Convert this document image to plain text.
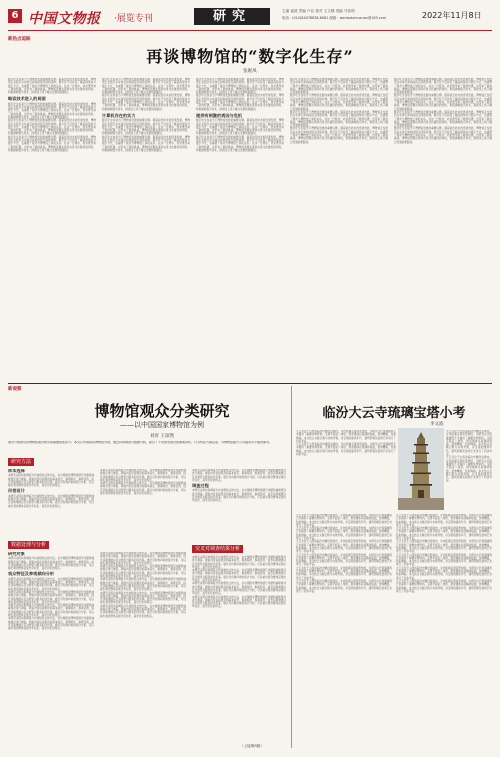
6 中国文物报 ·展览专刊	研究	主编 崔波 责编 卢弘 校对 王文娜 美编 马佳琪
电话：(010)84078838-6081 邮箱：wenbotxmuzuan@163.com	2022年11月8日
新热点追踪
再谈博物馆的“数字化生存”
张妮凤
数字化生存是当下博物馆发展的重要议题。随着信息技术的迅速发展，博物馆正在经历从实体空间向虚拟空间的延伸。数字化不仅改变了藏品的保存与展示方式，也重塑了观众与博物馆之间的关系。在这一过程中，技术既带来了新的机遇，也带来了新的挑战。博物馆需要在保持自身文化属性的同时，积极拥抱数字技术，探索线上线下融合发展的新路径。
略谈技术进入的局面
数字化生存是当下博物馆发展的重要议题。随着信息技术的迅速发展，博物馆正在经历从实体空间向虚拟空间的延伸。数字化不仅改变了藏品的保存与展示方式，也重塑了观众与博物馆之间的关系。在这一过程中，技术既带来了新的机遇，也带来了新的挑战。博物馆需要在保持自身文化属性的同时，积极拥抱数字技术，探索线上线下融合发展的新路径。
数字化生存是当下博物馆发展的重要议题。随着信息技术的迅速发展，博物馆正在经历从实体空间向虚拟空间的延伸。数字化不仅改变了藏品的保存与展示方式，也重塑了观众与博物馆之间的关系。在这一过程中，技术既带来了新的机遇，也带来了新的挑战。博物馆需要在保持自身文化属性的同时，积极拥抱数字技术，探索线上线下融合发展的新路径。
数字化生存是当下博物馆发展的重要议题。随着信息技术的迅速发展，博物馆正在经历从实体空间向虚拟空间的延伸。数字化不仅改变了藏品的保存与展示方式，也重塑了观众与博物馆之间的关系。在这一过程中，技术既带来了新的机遇，也带来了新的挑战。博物馆需要在保持自身文化属性的同时，积极拥抱数字技术，探索线上线下融合发展的新路径。
数字化生存是当下博物馆发展的重要议题。随着信息技术的迅速发展，博物馆正在经历从实体空间向虚拟空间的延伸。数字化不仅改变了藏品的保存与展示方式，也重塑了观众与博物馆之间的关系。在这一过程中，技术既带来了新的机遇，也带来了新的挑战。博物馆需要在保持自身文化属性的同时，积极拥抱数字技术，探索线上线下融合发展的新路径。
数字化生存是当下博物馆发展的重要议题。随着信息技术的迅速发展，博物馆正在经历从实体空间向虚拟空间的延伸。数字化不仅改变了藏品的保存与展示方式，也重塑了观众与博物馆之间的关系。在这一过程中，技术既带来了新的机遇，也带来了新的挑战。博物馆需要在保持自身文化属性的同时，积极拥抱数字技术，探索线上线下融合发展的新路径。
计算机存在的实力
数字化生存是当下博物馆发展的重要议题。随着信息技术的迅速发展，博物馆正在经历从实体空间向虚拟空间的延伸。数字化不仅改变了藏品的保存与展示方式，也重塑了观众与博物馆之间的关系。在这一过程中，技术既带来了新的机遇，也带来了新的挑战。博物馆需要在保持自身文化属性的同时，积极拥抱数字技术，探索线上线下融合发展的新路径。
数字化生存是当下博物馆发展的重要议题。随着信息技术的迅速发展，博物馆正在经历从实体空间向虚拟空间的延伸。数字化不仅改变了藏品的保存与展示方式，也重塑了观众与博物馆之间的关系。在这一过程中，技术既带来了新的机遇，也带来了新的挑战。博物馆需要在保持自身文化属性的同时，积极拥抱数字技术，探索线上线下融合发展的新路径。
数字化生存是当下博物馆发展的重要议题。随着信息技术的迅速发展，博物馆正在经历从实体空间向虚拟空间的延伸。数字化不仅改变了藏品的保存与展示方式，也重塑了观众与博物馆之间的关系。在这一过程中，技术既带来了新的机遇，也带来了新的挑战。博物馆需要在保持自身文化属性的同时，积极拥抱数字技术，探索线上线下融合发展的新路径。
数字化生存是当下博物馆发展的重要议题。随着信息技术的迅速发展，博物馆正在经历从实体空间向虚拟空间的延伸。数字化不仅改变了藏品的保存与展示方式，也重塑了观众与博物馆之间的关系。在这一过程中，技术既带来了新的机遇，也带来了新的挑战。博物馆需要在保持自身文化属性的同时，积极拥抱数字技术，探索线上线下融合发展的新路径。
提供有刺激的诱因与危机
数字化生存是当下博物馆发展的重要议题。随着信息技术的迅速发展，博物馆正在经历从实体空间向虚拟空间的延伸。数字化不仅改变了藏品的保存与展示方式，也重塑了观众与博物馆之间的关系。在这一过程中，技术既带来了新的机遇，也带来了新的挑战。博物馆需要在保持自身文化属性的同时，积极拥抱数字技术，探索线上线下融合发展的新路径。
数字化生存是当下博物馆发展的重要议题。随着信息技术的迅速发展，博物馆正在经历从实体空间向虚拟空间的延伸。数字化不仅改变了藏品的保存与展示方式，也重塑了观众与博物馆之间的关系。在这一过程中，技术既带来了新的机遇，也带来了新的挑战。博物馆需要在保持自身文化属性的同时，积极拥抱数字技术，探索线上线下融合发展的新路径。
数字化生存是当下博物馆发展的重要议题。随着信息技术的迅速发展，博物馆正在经历从实体空间向虚拟空间的延伸。数字化不仅改变了藏品的保存与展示方式，也重塑了观众与博物馆之间的关系。在这一过程中，技术既带来了新的机遇，也带来了新的挑战。博物馆需要在保持自身文化属性的同时，积极拥抱数字技术，探索线上线下融合发展的新路径。
数字化生存是当下博物馆发展的重要议题。随着信息技术的迅速发展，博物馆正在经历从实体空间向虚拟空间的延伸。数字化不仅改变了藏品的保存与展示方式，也重塑了观众与博物馆之间的关系。在这一过程中，技术既带来了新的机遇，也带来了新的挑战。博物馆需要在保持自身文化属性的同时，积极拥抱数字技术，探索线上线下融合发展的新路径。
数字化生存是当下博物馆发展的重要议题。随着信息技术的迅速发展，博物馆正在经历从实体空间向虚拟空间的延伸。数字化不仅改变了藏品的保存与展示方式，也重塑了观众与博物馆之间的关系。在这一过程中，技术既带来了新的机遇，也带来了新的挑战。博物馆需要在保持自身文化属性的同时，积极拥抱数字技术，探索线上线下融合发展的新路径。
数字化生存是当下博物馆发展的重要议题。随着信息技术的迅速发展，博物馆正在经历从实体空间向虚拟空间的延伸。数字化不仅改变了藏品的保存与展示方式，也重塑了观众与博物馆之间的关系。在这一过程中，技术既带来了新的机遇，也带来了新的挑战。博物馆需要在保持自身文化属性的同时，积极拥抱数字技术，探索线上线下融合发展的新路径。
数字化生存是当下博物馆发展的重要议题。随着信息技术的迅速发展，博物馆正在经历从实体空间向虚拟空间的延伸。数字化不仅改变了藏品的保存与展示方式，也重塑了观众与博物馆之间的关系。在这一过程中，技术既带来了新的机遇，也带来了新的挑战。博物馆需要在保持自身文化属性的同时，积极拥抱数字技术，探索线上线下融合发展的新路径。
数字化生存是当下博物馆发展的重要议题。随着信息技术的迅速发展，博物馆正在经历从实体空间向虚拟空间的延伸。数字化不仅改变了藏品的保存与展示方式，也重塑了观众与博物馆之间的关系。在这一过程中，技术既带来了新的机遇，也带来了新的挑战。博物馆需要在保持自身文化属性的同时，积极拥抱数字技术，探索线上线下融合发展的新路径。
数字化生存是当下博物馆发展的重要议题。随着信息技术的迅速发展，博物馆正在经历从实体空间向虚拟空间的延伸。数字化不仅改变了藏品的保存与展示方式，也重塑了观众与博物馆之间的关系。在这一过程中，技术既带来了新的机遇，也带来了新的挑战。博物馆需要在保持自身文化属性的同时，积极拥抱数字技术，探索线上线下融合发展的新路径。
数字化生存是当下博物馆发展的重要议题。随着信息技术的迅速发展，博物馆正在经历从实体空间向虚拟空间的延伸。数字化不仅改变了藏品的保存与展示方式，也重塑了观众与博物馆之间的关系。在这一过程中，技术既带来了新的机遇，也带来了新的挑战。博物馆需要在保持自身文化属性的同时，积极拥抱数字技术，探索线上线下融合发展的新路径。
新观察
博物馆观众分类研究
——以中国国家博物馆为例
刘青 王琼然
观众分类研究是博物馆观众研究的重要组成部分。本文以中国国家博物馆为例，通过问卷调查与数据分析，探讨了不同类型观众的参观动机、行为特征与满意度，为博物馆提升公共服务水平提供参考。
研究方法
样本选择
本研究采用问卷调查与访谈相结合的方法，在中国国家博物馆展厅内随机抽取观众进行调查。调查内容包括观众的基本信息、参观频次、参观目的、信息获取渠道以及对展览与服务的评价等。通过对有效问卷的统计分析，可以看出观众群体呈现出年轻化、高学历化的特点。
问卷设计
本研究采用问卷调查与访谈相结合的方法，在中国国家博物馆展厅内随机抽取观众进行调查。调查内容包括观众的基本信息、参观频次、参观目的、信息获取渠道以及对展览与服务的评价等。通过对有效问卷的统计分析，可以看出观众群体呈现出年轻化、高学历化的特点。
本研究采用问卷调查与访谈相结合的方法，在中国国家博物馆展厅内随机抽取观众进行调查。调查内容包括观众的基本信息、参观频次、参观目的、信息获取渠道以及对展览与服务的评价等。通过对有效问卷的统计分析，可以看出观众群体呈现出年轻化、高学历化的特点。
本研究采用问卷调查与访谈相结合的方法，在中国国家博物馆展厅内随机抽取观众进行调查。调查内容包括观众的基本信息、参观频次、参观目的、信息获取渠道以及对展览与服务的评价等。通过对有效问卷的统计分析，可以看出观众群体呈现出年轻化、高学历化的特点。
本研究采用问卷调查与访谈相结合的方法，在中国国家博物馆展厅内随机抽取观众进行调查。调查内容包括观众的基本信息、参观频次、参观目的、信息获取渠道以及对展览与服务的评价等。通过对有效问卷的统计分析，可以看出观众群体呈现出年轻化、高学历化的特点。
调查过程
本研究采用问卷调查与访谈相结合的方法，在中国国家博物馆展厅内随机抽取观众进行调查。调查内容包括观众的基本信息、参观频次、参观目的、信息获取渠道以及对展览与服务的评价等。通过对有效问卷的统计分析，可以看出观众群体呈现出年轻化、高学历化的特点。
数据处理与分析
研究对象
本研究采用问卷调查与访谈相结合的方法，在中国国家博物馆展厅内随机抽取观众进行调查。调查内容包括观众的基本信息、参观频次、参观目的、信息获取渠道以及对展览与服务的评价等。通过对有效问卷的统计分析，可以看出观众群体呈现出年轻化、高学历化的特点。
观众特征及参观倾向分析
本研究采用问卷调查与访谈相结合的方法，在中国国家博物馆展厅内随机抽取观众进行调查。调查内容包括观众的基本信息、参观频次、参观目的、信息获取渠道以及对展览与服务的评价等。通过对有效问卷的统计分析，可以看出观众群体呈现出年轻化、高学历化的特点。
本研究采用问卷调查与访谈相结合的方法，在中国国家博物馆展厅内随机抽取观众进行调查。调查内容包括观众的基本信息、参观频次、参观目的、信息获取渠道以及对展览与服务的评价等。通过对有效问卷的统计分析，可以看出观众群体呈现出年轻化、高学历化的特点。
本研究采用问卷调查与访谈相结合的方法，在中国国家博物馆展厅内随机抽取观众进行调查。调查内容包括观众的基本信息、参观频次、参观目的、信息获取渠道以及对展览与服务的评价等。通过对有效问卷的统计分析，可以看出观众群体呈现出年轻化、高学历化的特点。
本研究采用问卷调查与访谈相结合的方法，在中国国家博物馆展厅内随机抽取观众进行调查。调查内容包括观众的基本信息、参观频次、参观目的、信息获取渠道以及对展览与服务的评价等。通过对有效问卷的统计分析，可以看出观众群体呈现出年轻化、高学历化的特点。
本研究采用问卷调查与访谈相结合的方法，在中国国家博物馆展厅内随机抽取观众进行调查。调查内容包括观众的基本信息、参观频次、参观目的、信息获取渠道以及对展览与服务的评价等。通过对有效问卷的统计分析，可以看出观众群体呈现出年轻化、高学历化的特点。
本研究采用问卷调查与访谈相结合的方法，在中国国家博物馆展厅内随机抽取观众进行调查。调查内容包括观众的基本信息、参观频次、参观目的、信息获取渠道以及对展览与服务的评价等。通过对有效问卷的统计分析，可以看出观众群体呈现出年轻化、高学历化的特点。
本研究采用问卷调查与访谈相结合的方法，在中国国家博物馆展厅内随机抽取观众进行调查。调查内容包括观众的基本信息、参观频次、参观目的、信息获取渠道以及对展览与服务的评价等。通过对有效问卷的统计分析，可以看出观众群体呈现出年轻化、高学历化的特点。
本研究采用问卷调查与访谈相结合的方法，在中国国家博物馆展厅内随机抽取观众进行调查。调查内容包括观众的基本信息、参观频次、参观目的、信息获取渠道以及对展览与服务的评价等。通过对有效问卷的统计分析，可以看出观众群体呈现出年轻化、高学历化的特点。
本研究采用问卷调查与访谈相结合的方法，在中国国家博物馆展厅内随机抽取观众进行调查。调查内容包括观众的基本信息、参观频次、参观目的、信息获取渠道以及对展览与服务的评价等。通过对有效问卷的统计分析，可以看出观众群体呈现出年轻化、高学历化的特点。
交叉对调查结果分析
本研究采用问卷调查与访谈相结合的方法，在中国国家博物馆展厅内随机抽取观众进行调查。调查内容包括观众的基本信息、参观频次、参观目的、信息获取渠道以及对展览与服务的评价等。通过对有效问卷的统计分析，可以看出观众群体呈现出年轻化、高学历化的特点。
本研究采用问卷调查与访谈相结合的方法，在中国国家博物馆展厅内随机抽取观众进行调查。调查内容包括观众的基本信息、参观频次、参观目的、信息获取渠道以及对展览与服务的评价等。通过对有效问卷的统计分析，可以看出观众群体呈现出年轻化、高学历化的特点。
本研究采用问卷调查与访谈相结合的方法，在中国国家博物馆展厅内随机抽取观众进行调查。调查内容包括观众的基本信息、参观频次、参观目的、信息获取渠道以及对展览与服务的评价等。通过对有效问卷的统计分析，可以看出观众群体呈现出年轻化、高学历化的特点。
本研究采用问卷调查与访谈相结合的方法，在中国国家博物馆展厅内随机抽取观众进行调查。调查内容包括观众的基本信息、参观频次、参观目的、信息获取渠道以及对展览与服务的评价等。通过对有效问卷的统计分析，可以看出观众群体呈现出年轻化、高学历化的特点。
（上接第8版）
临汾大云寺琉璃宝塔小考
李文波
大云寺位于山西省临汾市襄汾县境内，寺内琉璃宝塔造型独特，为研究古代琉璃建筑艺术提供了重要实物资料。宝塔平面呈八角形，塔身通体以琉璃砖贴面，装饰精美，色彩绚丽。本文结合文献记载与实地考察，对宝塔的建造年代、建筑形制及装饰艺术进行了初步考证。
大云寺位于山西省临汾市襄汾县境内，寺内琉璃宝塔造型独特，为研究古代琉璃建筑艺术提供了重要实物资料。宝塔平面呈八角形，塔身通体以琉璃砖贴面，装饰精美，色彩绚丽。本文结合文献记载与实地考察，对宝塔的建造年代、建筑形制及装饰艺术进行了初步考证。
大云寺位于山西省临汾市襄汾县境内，寺内琉璃宝塔造型独特，为研究古代琉璃建筑艺术提供了重要实物资料。宝塔平面呈八角形，塔身通体以琉璃砖贴面，装饰精美，色彩绚丽。本文结合文献记载与实地考察，对宝塔的建造年代、建筑形制及装饰艺术进行了初步考证。
大云寺位于山西省临汾市襄汾县境内，寺内琉璃宝塔造型独特，为研究古代琉璃建筑艺术提供了重要实物资料。宝塔平面呈八角形，塔身通体以琉璃砖贴面，装饰精美，色彩绚丽。本文结合文献记载与实地考察，对宝塔的建造年代、建筑形制及装饰艺术进行了初步考证。
大云寺位于山西省临汾市襄汾县境内，寺内琉璃宝塔造型独特，为研究古代琉璃建筑艺术提供了重要实物资料。宝塔平面呈八角形，塔身通体以琉璃砖贴面，装饰精美，色彩绚丽。本文结合文献记载与实地考察，对宝塔的建造年代、建筑形制及装饰艺术进行了初步考证。
大云寺位于山西省临汾市襄汾县境内，寺内琉璃宝塔造型独特，为研究古代琉璃建筑艺术提供了重要实物资料。宝塔平面呈八角形，塔身通体以琉璃砖贴面，装饰精美，色彩绚丽。本文结合文献记载与实地考察，对宝塔的建造年代、建筑形制及装饰艺术进行了初步考证。
大云寺位于山西省临汾市襄汾县境内，寺内琉璃宝塔造型独特，为研究古代琉璃建筑艺术提供了重要实物资料。宝塔平面呈八角形，塔身通体以琉璃砖贴面，装饰精美，色彩绚丽。本文结合文献记载与实地考察，对宝塔的建造年代、建筑形制及装饰艺术进行了初步考证。
大云寺位于山西省临汾市襄汾县境内，寺内琉璃宝塔造型独特，为研究古代琉璃建筑艺术提供了重要实物资料。宝塔平面呈八角形，塔身通体以琉璃砖贴面，装饰精美，色彩绚丽。本文结合文献记载与实地考察，对宝塔的建造年代、建筑形制及装饰艺术进行了初步考证。
大云寺位于山西省临汾市襄汾县境内，寺内琉璃宝塔造型独特，为研究古代琉璃建筑艺术提供了重要实物资料。宝塔平面呈八角形，塔身通体以琉璃砖贴面，装饰精美，色彩绚丽。本文结合文献记载与实地考察，对宝塔的建造年代、建筑形制及装饰艺术进行了初步考证。
大云寺位于山西省临汾市襄汾县境内，寺内琉璃宝塔造型独特，为研究古代琉璃建筑艺术提供了重要实物资料。宝塔平面呈八角形，塔身通体以琉璃砖贴面，装饰精美，色彩绚丽。本文结合文献记载与实地考察，对宝塔的建造年代、建筑形制及装饰艺术进行了初步考证。
大云寺位于山西省临汾市襄汾县境内，寺内琉璃宝塔造型独特，为研究古代琉璃建筑艺术提供了重要实物资料。宝塔平面呈八角形，塔身通体以琉璃砖贴面，装饰精美，色彩绚丽。本文结合文献记载与实地考察，对宝塔的建造年代、建筑形制及装饰艺术进行了初步考证。
大云寺位于山西省临汾市襄汾县境内，寺内琉璃宝塔造型独特，为研究古代琉璃建筑艺术提供了重要实物资料。宝塔平面呈八角形，塔身通体以琉璃砖贴面，装饰精美，色彩绚丽。本文结合文献记载与实地考察，对宝塔的建造年代、建筑形制及装饰艺术进行了初步考证。
大云寺位于山西省临汾市襄汾县境内，寺内琉璃宝塔造型独特，为研究古代琉璃建筑艺术提供了重要实物资料。宝塔平面呈八角形，塔身通体以琉璃砖贴面，装饰精美，色彩绚丽。本文结合文献记载与实地考察，对宝塔的建造年代、建筑形制及装饰艺术进行了初步考证。
大云寺位于山西省临汾市襄汾县境内，寺内琉璃宝塔造型独特，为研究古代琉璃建筑艺术提供了重要实物资料。宝塔平面呈八角形，塔身通体以琉璃砖贴面，装饰精美，色彩绚丽。本文结合文献记载与实地考察，对宝塔的建造年代、建筑形制及装饰艺术进行了初步考证。
大云寺位于山西省临汾市襄汾县境内，寺内琉璃宝塔造型独特，为研究古代琉璃建筑艺术提供了重要实物资料。宝塔平面呈八角形，塔身通体以琉璃砖贴面，装饰精美，色彩绚丽。本文结合文献记载与实地考察，对宝塔的建造年代、建筑形制及装饰艺术进行了初步考证。
大云寺位于山西省临汾市襄汾县境内，寺内琉璃宝塔造型独特，为研究古代琉璃建筑艺术提供了重要实物资料。宝塔平面呈八角形，塔身通体以琉璃砖贴面，装饰精美，色彩绚丽。本文结合文献记载与实地考察，对宝塔的建造年代、建筑形制及装饰艺术进行了初步考证。
